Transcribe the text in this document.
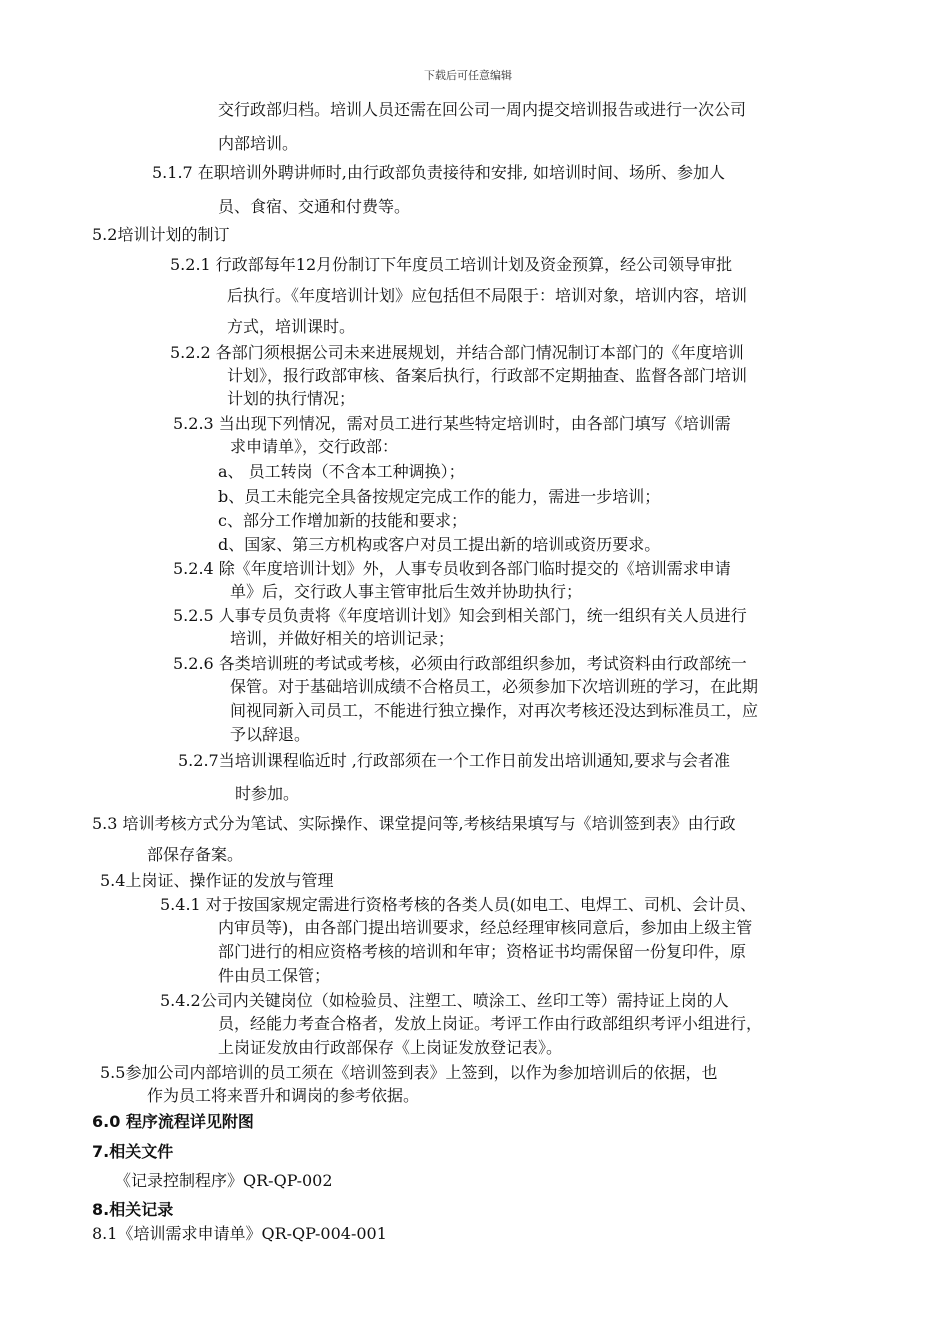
下载后可任意编辑
交行政部归档。培训人员还需在回公司一周内提交培训报告或进行一次公司
内部培训。
5.1.7 在职培训外聘讲师时,由行政部负责接待和安排, 如培训时间、场所、参加人
员、食宿、交通和付费等。
5.2培训计划的制订
5.2.1 行政部每年12月份制订下年度员工培训计划及资金预算，经公司领导审批
后执行。《年度培训计划》应包括但不局限于：培训对象，培训内容，培训
方式，培训课时。
5.2.2 各部门须根据公司未来进展规划，并结合部门情况制订本部门的《年度培训
计划》，报行政部审核、备案后执行，行政部不定期抽查、监督各部门培训
计划的执行情况；
5.2.3 当出现下列情况，需对员工进行某些特定培训时，由各部门填写《培训需
求申请单》，交行政部：
a、 员工转岗（不含本工种调换）；
b、员工未能完全具备按规定完成工作的能力，需进一步培训；
c、部分工作增加新的技能和要求；
d、国家、第三方机构或客户对员工提出新的培训或资历要求。
5.2.4 除《年度培训计划》外，人事专员收到各部门临时提交的《培训需求申请
单》后，交行政人事主管审批后生效并协助执行；
5.2.5 人事专员负责将《年度培训计划》知会到相关部门，统一组织有关人员进行
培训，并做好相关的培训记录；
5.2.6 各类培训班的考试或考核，必须由行政部组织参加，考试资料由行政部统一
保管。对于基础培训成绩不合格员工，必须参加下次培训班的学习，在此期
间视同新入司员工，不能进行独立操作，对再次考核还没达到标准员工，应
予以辞退。
5.2.7当培训课程临近时 ,行政部须在一个工作日前发出培训通知,要求与会者准
时参加。
5.3 培训考核方式分为笔试、实际操作、课堂提问等,考核结果填写与《培训签到表》由行政
部保存备案。
5.4上岗证、操作证的发放与管理
5.4.1 对于按国家规定需进行资格考核的各类人员(如电工、电焊工、司机、会计员、
内审员等)，由各部门提出培训要求，经总经理审核同意后，参加由上级主管
部门进行的相应资格考核的培训和年审；资格证书均需保留一份复印件，原
件由员工保管；
5.4.2公司内关键岗位（如检验员、注塑工、喷涂工、丝印工等）需持证上岗的人
员，经能力考查合格者，发放上岗证。考评工作由行政部组织考评小组进行，
上岗证发放由行政部保存《上岗证发放登记表》。
5.5参加公司内部培训的员工须在《培训签到表》上签到，以作为参加培训后的依据，也
作为员工将来晋升和调岗的参考依据。
6.0 程序流程详见附图
7.相关文件
《记录控制程序》QR-QP-002
8.相关记录
8.1《培训需求申请单》QR-QP-004-001
